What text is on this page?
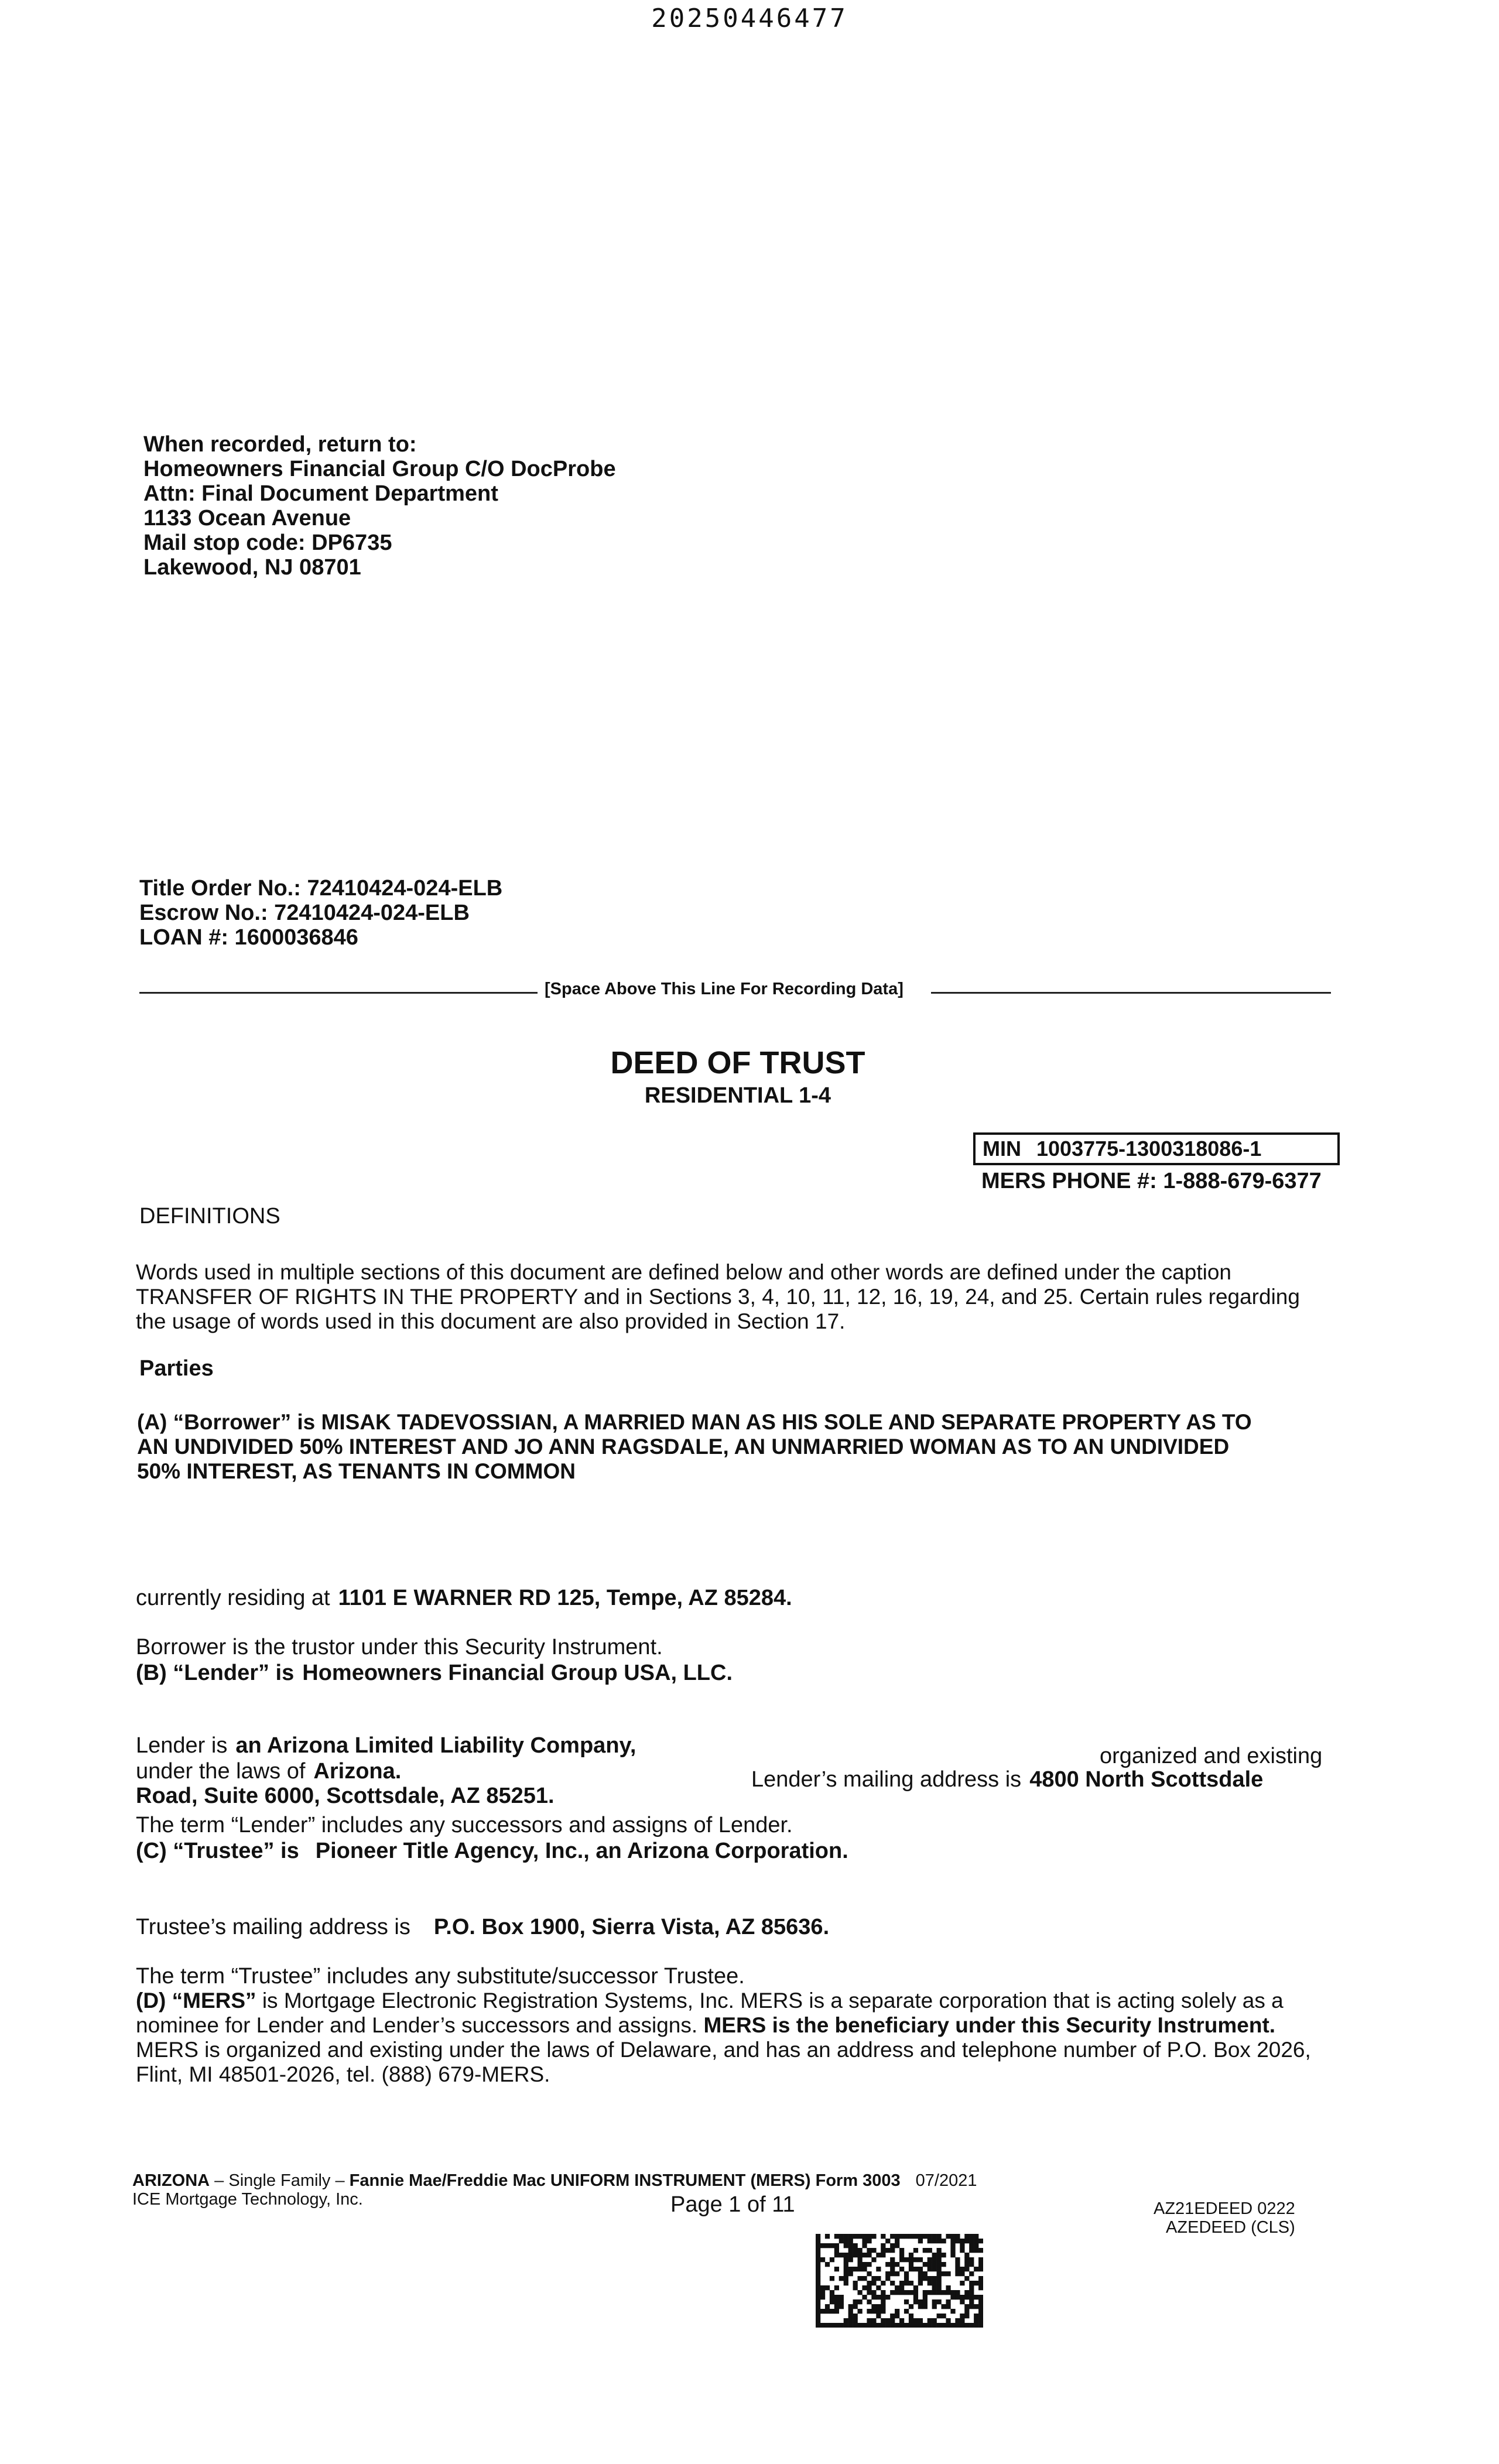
20250446477
When recorded, return to:
Homeowners Financial Group C/O DocProbe
Attn: Final Document Department
1133 Ocean Avenue
Mail stop code: DP6735
Lakewood, NJ 08701
Title Order No.: 72410424-024-ELB
Escrow No.: 72410424-024-ELB
LOAN #: 1600036846
[Space Above This Line For Recording Data]
DEED OF TRUST
RESIDENTIAL 1-4
MIN 1003775-1300318086-1
MERS PHONE #: 1-888-679-6377
DEFINITIONS
Words used in multiple sections of this document are defined below and other words are defined under the caption
TRANSFER OF RIGHTS IN THE PROPERTY and in Sections 3, 4, 10, 11, 12, 16, 19, 24, and 25. Certain rules regarding
the usage of words used in this document are also provided in Section 17.
Parties
(A) “Borrower” is MISAK TADEVOSSIAN, A MARRIED MAN AS HIS SOLE AND SEPARATE PROPERTY AS TO
AN UNDIVIDED 50% INTEREST AND JO ANN RAGSDALE, AN UNMARRIED WOMAN AS TO AN UNDIVIDED
50% INTEREST, AS TENANTS IN COMMON
currently residing at 1101 E WARNER RD 125, Tempe, AZ 85284.
Borrower is the trustor under this Security Instrument.
(B) “Lender” is Homeowners Financial Group USA, LLC.
Lender is an Arizona Limited Liability Company,	organized and existing
under the laws of Arizona.	Lender’s mailing address is 4800 North Scottsdale
Road, Suite 6000, Scottsdale, AZ 85251.
The term “Lender” includes any successors and assigns of Lender.
(C) “Trustee” is Pioneer Title Agency, Inc., an Arizona Corporation.
Trustee’s mailing address is P.O. Box 1900, Sierra Vista, AZ 85636.
The term “Trustee” includes any substitute/successor Trustee.
(D) “MERS” is Mortgage Electronic Registration Systems, Inc. MERS is a separate corporation that is acting solely as a
nominee for Lender and Lender’s successors and assigns. MERS is the beneficiary under this Security Instrument.
MERS is organized and existing under the laws of Delaware, and has an address and telephone number of P.O. Box 2026,
Flint, MI 48501-2026, tel. (888) 679-MERS.
ARIZONA – Single Family – Fannie Mae/Freddie Mac UNIFORM INSTRUMENT (MERS) Form 3003 07/2021
ICE Mortgage Technology, Inc.	Page 1 of 11	AZ21EDEED 0222
AZEDEED (CLS)
